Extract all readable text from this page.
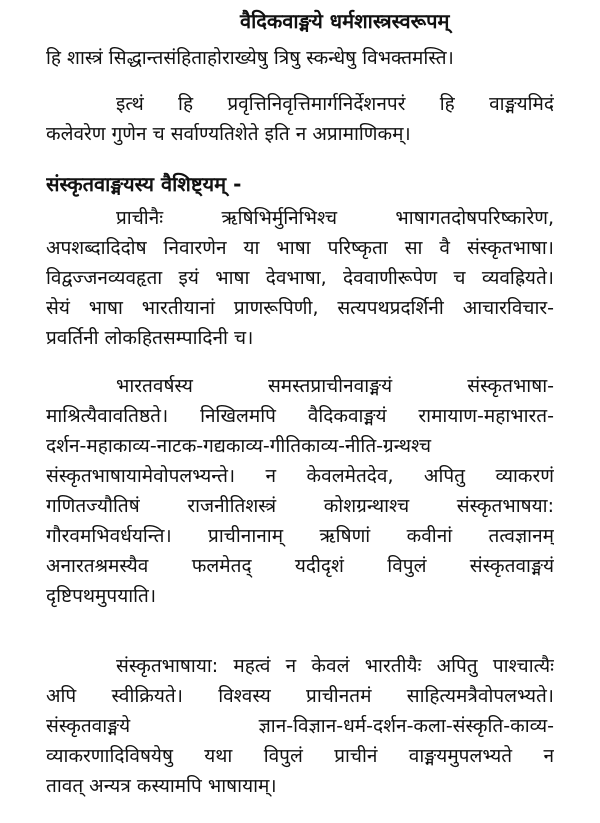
वैदिकवाङ्मये धर्मशास्त्रस्वरूपम्
हि शास्त्रं सिद्धान्तसंहिताहोराख्येषु त्रिषु स्कन्धेषु विभक्तमस्ति।
इत्थं हि प्रवृत्तिनिवृत्तिमार्गनिर्देशनपरं हि वाङ्मयमिदं
कलेवरेण गुणेन च सर्वाण्यतिशेते इति न अप्रामाणिकम्।
संस्कृतवाङ्मयस्य वैशिष्ट्यम् -
प्राचीनैः ऋषिभिर्मुनिभिश्च भाषागतदोषपरिष्कारेण,
अपशब्दादिदोष निवारणेन या भाषा परिष्कृता सा वै संस्कृतभाषा।
विद्वज्जनव्यवहृता इयं भाषा देवभाषा, देववाणीरूपेण च व्यवह्रियते।
सेयं भाषा भारतीयानां प्राणरूपिणी, सत्यपथप्रदर्शिनी आचारविचार-
प्रवर्तिनी लोकहितसम्पादिनी च।
भारतवर्षस्य समस्तप्राचीनवाङ्मयं संस्कृतभाषा-
माश्रित्यैवावतिष्ठते। निखिलमपि वैदिकवाङ्मयं रामायाण-महाभारत-
दर्शन-महाकाव्य-नाटक-गद्यकाव्य-गीतिकाव्य-नीति-ग्रन्थश्च
संस्कृतभाषायामेवोपलभ्यन्ते। न केवलमेतदेव, अपितु व्याकरणं
गणितज्यौतिषं राजनीतिशस्त्रं कोशग्रन्थाश्च संस्कृतभाषया:
गौरवमभिवर्धयन्ति। प्राचीनानाम् ऋषिणां कवीनां तत्वज्ञानम्
अनारतश्रमस्यैव फलमेतद् यदीदृशं विपुलं संस्कृतवाङ्मयं
दृष्टिपथमुपयाति।
संस्कृतभाषाया: महत्वं न केवलं भारतीयैः अपितु पाश्चात्यैः
अपि स्वीक्रियते। विश्वस्य प्राचीनतमं साहित्यमत्रैवोपलभ्यते।
संस्कृतवाङ्मये ज्ञान-विज्ञान-धर्म-दर्शन-कला-संस्कृति-काव्य-
व्याकरणादिविषयेषु यथा विपुलं प्राचीनं वाङ्मयमुपलभ्यते न
तावत् अन्यत्र कस्यामपि भाषायाम्।
